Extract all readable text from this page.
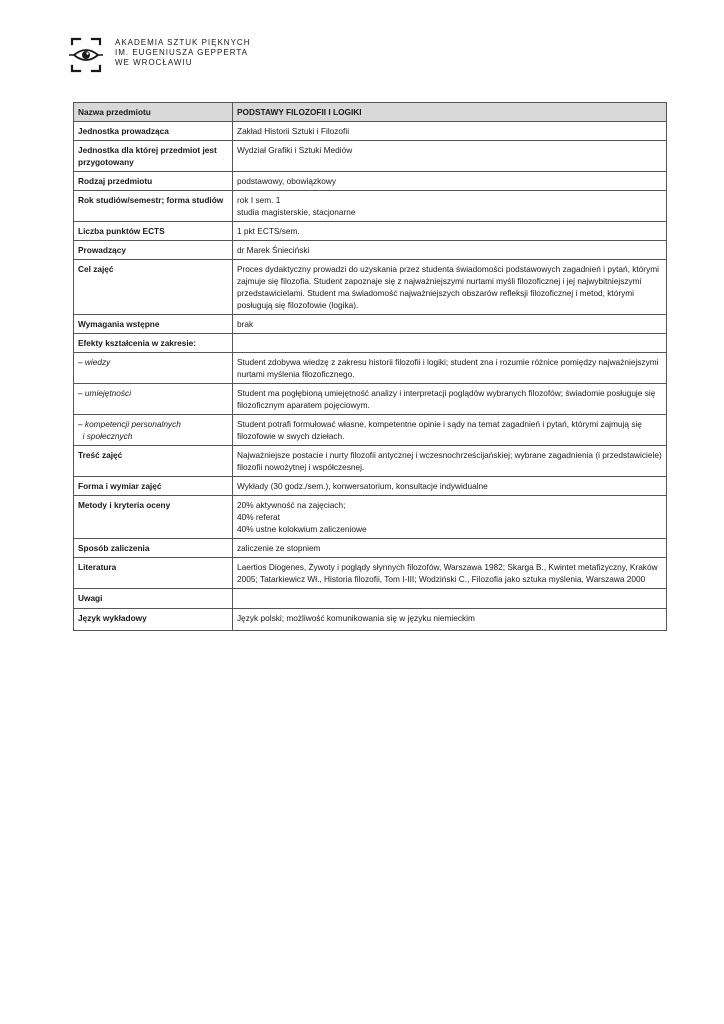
AKADEMIA SZTUK PIĘKNYCH
IM. EUGENIUSZA GEPPERTA
WE WROCŁAWIU
Nazwa przedmiotu	PODSTAWY FILOZOFII I LOGIKI
Jednostka prowadząca	Zakład Historii Sztuki i Filozofii
Jednostka dla której przedmiot jest przygotowany	Wydział Grafiki i Sztuki Mediów
Rodzaj przedmiotu	podstawowy, obowiązkowy
Rok studiów/semestr; forma studiów	rok I sem. 1
studia magisterskie, stacjonarne

Liczba punktów ECTS	1 pkt ECTS/sem.
Prowadzący	dr Marek Śnieciński
Cel zajęć	Proces dydaktyczny prowadzi do uzyskania przez studenta świadomości podstawowych zagadnień i pytań, którymi zajmuje się filozofia. Student zapoznaje się z najważniejszymi nurtami myśli filozoficznej i jej najwybitniejszymi przedstawicielami. Student ma świadomość najważniejszych obszarów refleksji filozoficznej i metod, którymi posługują się filozofowie (logika).
Wymagania wstępne	brak
Efekty kształcenia w zakresie:	
– wiedzy	Student zdobywa wiedzę z zakresu historii filozofii i logiki; student zna i rozumie różnice pomiędzy najważniejszymi nurtami myślenia filozoficznego.
– umiejętności	Student ma pogłębioną umiejętność analizy i interpretacji poglądów wybranych filozofów; świadomie posługuje się filozoficznym aparatem pojęciowym.

– kompetencji personalnych
i społecznych	Student potrafi formułować własne, kompetentne opinie i sądy na temat zagadnień i pytań, którymi zajmują się filozofowie w swych dziełach.
Treść zajęć	Najważniejsze postacie i nurty filozofii antycznej i wczesnochrześcijańskiej; wybrane zagadnienia (i przedstawiciele) filozofii nowożytnej i współczesnej.
Forma i wymiar zajęć	Wykłady (30 godz./sem.), konwersatorium, konsultacje indywidualne
Metody i kryteria oceny	20% aktywność na zajęciach;
40% referat
40% ustne kolokwium zaliczeniowe

Sposób zaliczenia	zaliczenie ze stopniem
Literatura	Laertios Diogenes, Żywoty i poglądy słynnych filozofów, Warszawa 1982; Skarga B., Kwintet metafizyczny, Kraków 2005; Tatarkiewicz Wł., Historia filozofii, Tom I-III; Wodziński C., Filozofia jako sztuka myślenia, Warszawa 2000
Uwagi	
Język wykładowy	Język polski; możliwość komunikowania się w języku niemieckim
